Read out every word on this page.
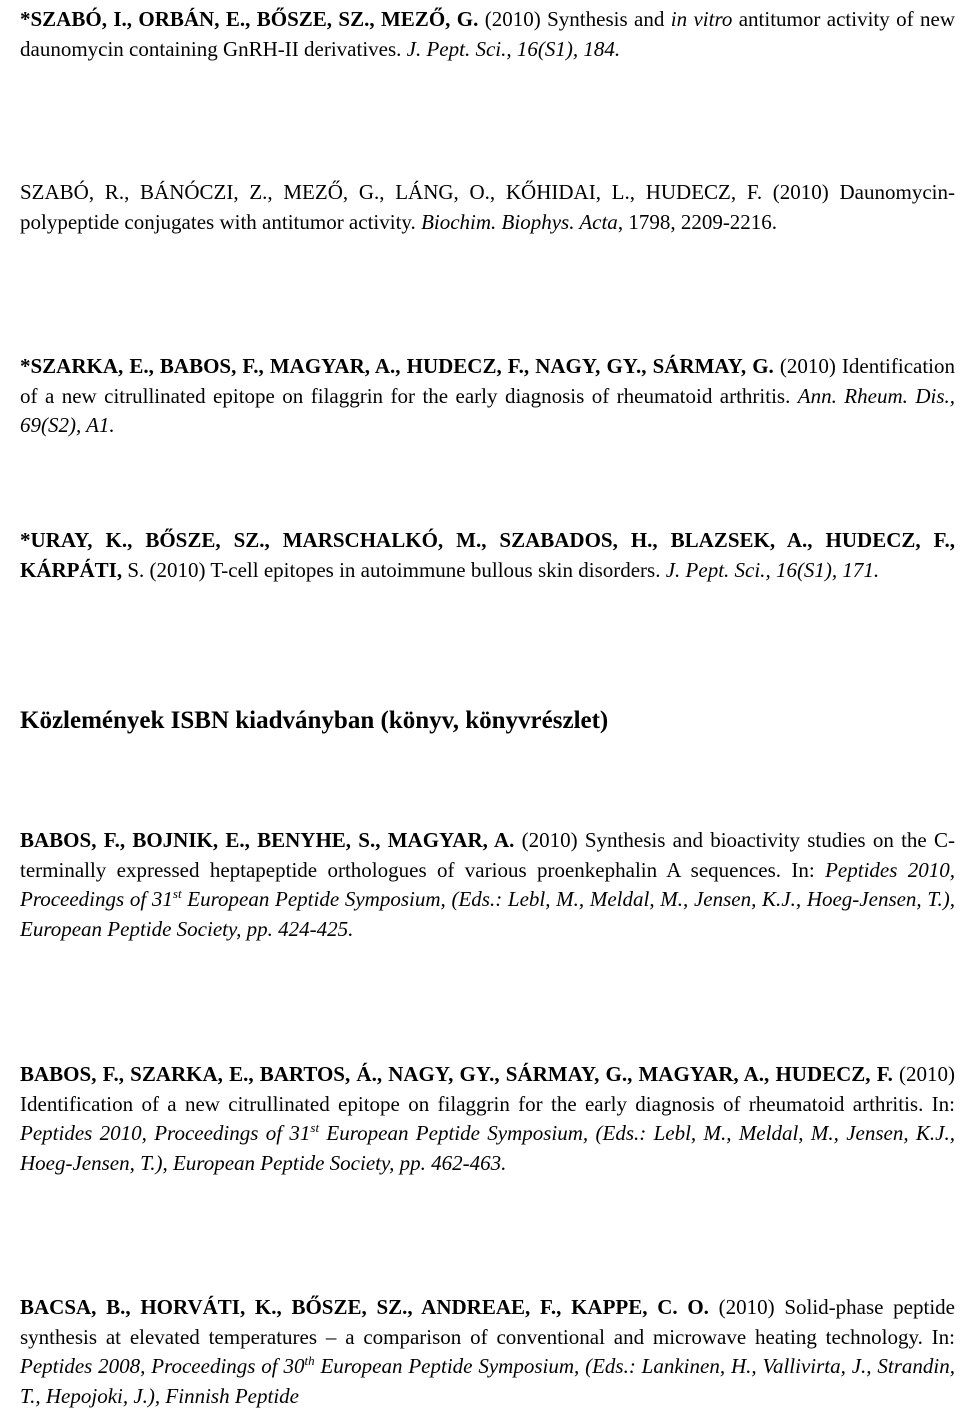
*SZABÓ, I., ORBÁN, E., BŐSZE, SZ., MEZŐ, G. (2010) Synthesis and in vitro antitumor activity of new daunomycin containing GnRH-II derivatives. J. Pept. Sci., 16(S1), 184.
SZABÓ, R., BÁNÓCZI, Z., MEZŐ, G., LÁNG, O., KŐHIDAI, L., HUDECZ, F. (2010) Daunomycin-polypeptide conjugates with antitumor activity. Biochim. Biophys. Acta, 1798, 2209-2216.
*SZARKA, E., BABOS, F., MAGYAR, A., HUDECZ, F., NAGY, GY., SÁRMAY, G. (2010) Identification of a new citrullinated epitope on filaggrin for the early diagnosis of rheumatoid arthritis. Ann. Rheum. Dis., 69(S2), A1.
*URAY, K., BŐSZE, SZ., MARSCHALKÓ, M., SZABADOS, H., BLAZSEK, A., HUDECZ, F., KÁRPÁTI, S. (2010) T-cell epitopes in autoimmune bullous skin disorders. J. Pept. Sci., 16(S1), 171.
Közlemények ISBN kiadványban (könyv, könyvrészlet)
BABOS, F., BOJNIK, E., BENYHE, S., MAGYAR, A. (2010) Synthesis and bioactivity studies on the C-terminally expressed heptapeptide orthologues of various proenkephalin A sequences. In: Peptides 2010, Proceedings of 31st European Peptide Symposium, (Eds.: Lebl, M., Meldal, M., Jensen, K.J., Hoeg-Jensen, T.), European Peptide Society, pp. 424-425.
BABOS, F., SZARKA, E., BARTOS, Á., NAGY, GY., SÁRMAY, G., MAGYAR, A., HUDECZ, F. (2010) Identification of a new citrullinated epitope on filaggrin for the early diagnosis of rheumatoid arthritis. In: Peptides 2010, Proceedings of 31st European Peptide Symposium, (Eds.: Lebl, M., Meldal, M., Jensen, K.J., Hoeg-Jensen, T.), European Peptide Society, pp. 462-463.
BACSA, B., HORVÁTI, K., BŐSZE, SZ., ANDREAE, F., KAPPE, C. O. (2010) Solid-phase peptide synthesis at elevated temperatures – a comparison of conventional and microwave heating technology. In: Peptides 2008, Proceedings of 30th European Peptide Symposium, (Eds.: Lankinen, H., Vallivirta, J., Strandin, T., Hepojoki, J.), Finnish Peptide
